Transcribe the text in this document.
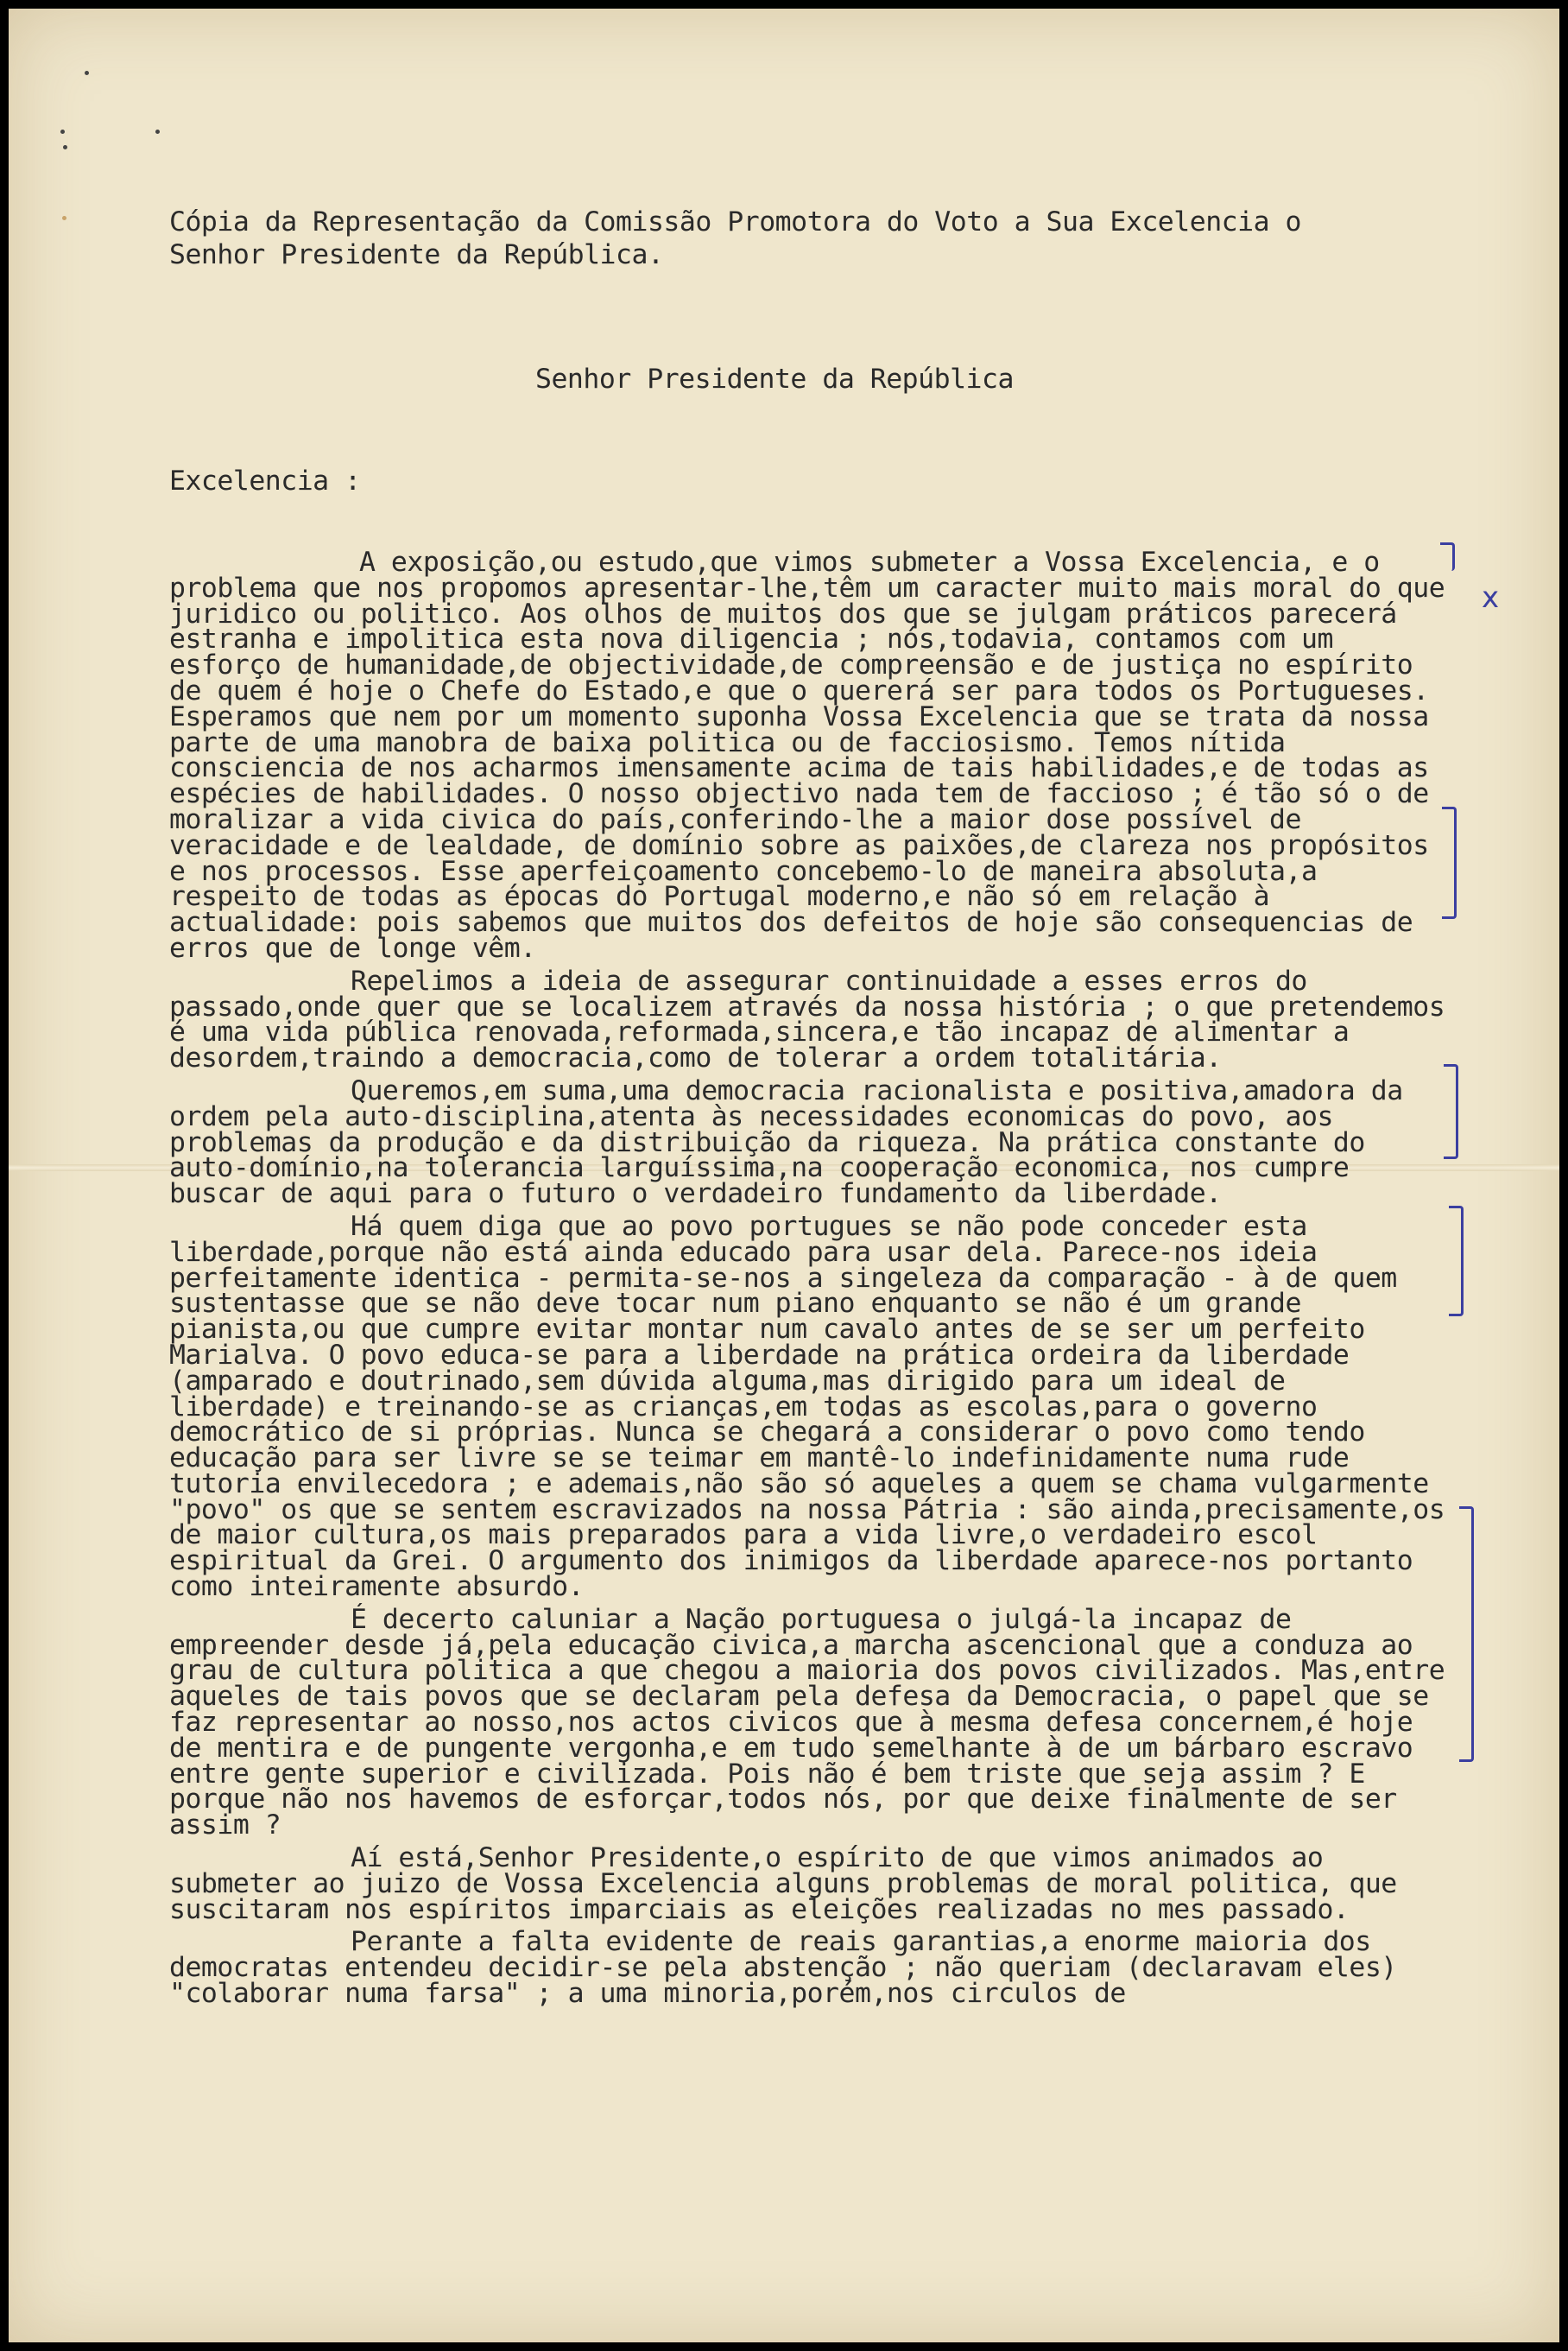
Cópia da Representação da Comissão Promotora do Voto a Sua Excelencia o
Senhor Presidente da República.
Senhor Presidente da República
Excelencia :

A exposição,ou estudo,que vimos submeter a Vossa Excelencia, e o problema que nos propomos apresentar-lhe,têm um caracter muito mais moral do que juridico ou politico. Aos olhos de muitos dos que se julgam práticos parecerá estranha e impolitica esta nova diligencia ; nós,todavia, contamos com um esforço de humanidade,de objectividade,de compreensão e de justiça no espírito de quem é hoje o Chefe do Estado,e que o quererá ser para todos os Portugueses. Esperamos que nem por um momento suponha Vossa Excelencia que se trata da nossa parte de uma manobra de baixa politica ou de facciosismo. Temos nítida consciencia de nos acharmos imensamente acima de tais habilidades,e de todas as espécies de habilidades. O nosso objectivo nada tem de faccioso ; é tão só o de moralizar a vida civica do país,conferindo-lhe a maior dose possível de veracidade e de lealdade, de domínio sobre as paixões,de clareza nos propósitos e nos processos. Esse aperfeiçoamento concebemo-lo de maneira absoluta,a respeito de todas as épocas do Portugal moderno,e não só em relação à actualidade: pois sabemos que muitos dos defeitos de hoje são consequencias de erros que de longe vêm.

Repelimos a ideia de assegurar continuidade a esses erros do passado,onde quer que se localizem através da nossa história ; o que pretendemos é uma vida pública renovada,reformada,sincera,e tão incapaz de alimentar a desordem,traindo a democracia,como de tolerar a ordem totalitária.

Queremos,em suma,uma democracia racionalista e positiva,amadora da ordem pela auto-disciplina,atenta às necessidades economicas do povo, aos problemas da produção e da distribuição da riqueza. Na prática constante do auto-domínio,na tolerancia larguíssima,na cooperação economica, nos cumpre buscar de aqui para o futuro o verdadeiro fundamento da liberdade.

Há quem diga que ao povo portugues se não pode conceder esta liberdade,porque não está ainda educado para usar dela. Parece-nos ideia perfeitamente identica - permita-se-nos a singeleza da comparação - à de quem sustentasse que se não deve tocar num piano enquanto se não é um grande pianista,ou que cumpre evitar montar num cavalo antes de se ser um perfeito Marialva. O povo educa-se para a liberdade na prática ordeira da liberdade (amparado e doutrinado,sem dúvida alguma,mas dirigido para um ideal de liberdade) e treinando-se as crianças,em todas as escolas,para o governo democrático de si próprias. Nunca se chegará a considerar o povo como tendo educação para ser livre se se teimar em mantê-lo indefinidamente numa rude tutoria envilecedora ; e ademais,não são só aqueles a quem se chama vulgarmente "povo" os que se sentem escravizados na nossa Pátria : são ainda,precisamente,os de maior cultura,os mais preparados para a vida livre,o verdadeiro escol espiritual da Grei. O argumento dos inimigos da liberdade aparece-nos portanto como inteiramente absurdo.

É decerto caluniar a Nação portuguesa o julgá-la incapaz de empreender desde já,pela educação civica,a marcha ascencional que a conduza ao grau de cultura politica a que chegou a maioria dos povos civilizados. Mas,entre aqueles de tais povos que se declaram pela defesa da Democracia, o papel que se faz representar ao nosso,nos actos civicos que à mesma defesa concernem,é hoje de mentira e de pungente vergonha,e em tudo semelhante à de um bárbaro escravo entre gente superior e civilizada. Pois não é bem triste que seja assim ? E porque não nos havemos de esforçar,todos nós, por que deixe finalmente de ser assim ?

Aí está,Senhor Presidente,o espírito de que vimos animados ao submeter ao juizo de Vossa Excelencia alguns problemas de moral politica, que suscitaram nos espíritos imparciais as eleições realizadas no mes passado.

Perante a falta evidente de reais garantias,a enorme maioria dos democratas entendeu decidir-se pela abstenção ; não queriam (declaravam eles) "colaborar numa farsa" ; a uma minoria,porém,nos circulos de

x
